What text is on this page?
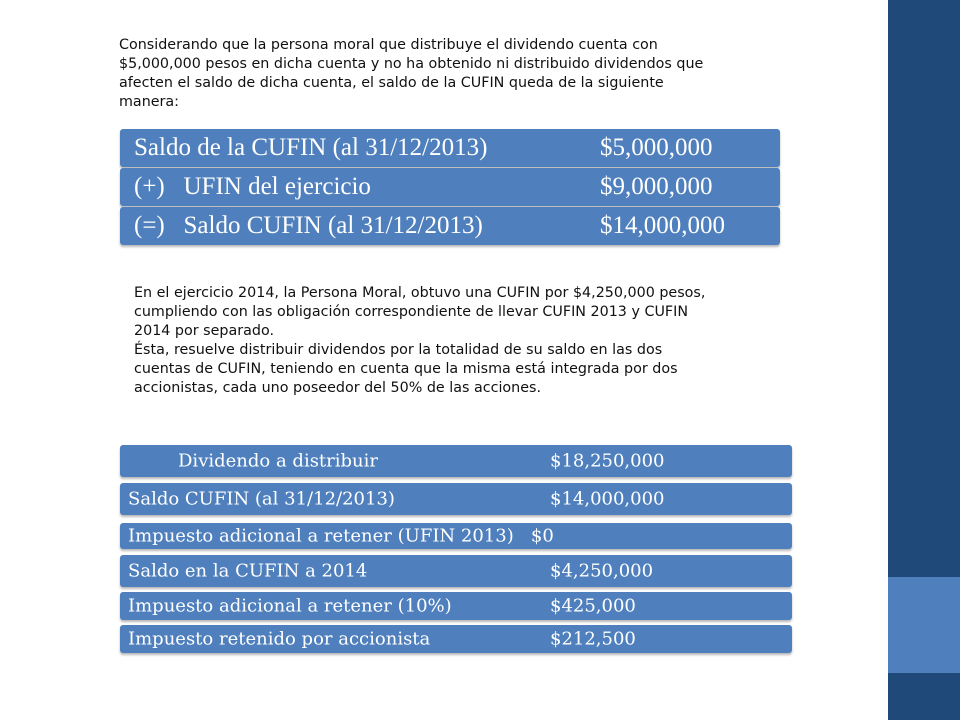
Considerando que la persona moral que distribuye el dividendo cuenta con
$5,000,000 pesos en dicha cuenta y no ha obtenido ni distribuido dividendos que
afecten el saldo de dicha cuenta, el saldo de la CUFIN queda de la siguiente
manera:

Saldo de la CUFIN (al 31/12/2013)	$5,000,000
(+)   UFIN del ejercicio	$9,000,000
(=)   Saldo CUFIN (al 31/12/2013)	$14,000,000

En el ejercicio 2014, la Persona Moral, obtuvo una CUFIN por $4,250,000 pesos,
cumpliendo con las obligación correspondiente de llevar CUFIN 2013 y CUFIN
2014 por separado.
Ésta, resuelve distribuir dividendos por la totalidad de su saldo en las dos
cuentas de CUFIN, teniendo en cuenta que la misma está integrada por dos
accionistas, cada uno poseedor del 50% de las acciones.

Dividendo a distribuir	$18,250,000
Saldo CUFIN (al 31/12/2013)	$14,000,000
Impuesto adicional a retener (UFIN 2013)   $0
Saldo en la CUFIN a 2014	$4,250,000
Impuesto adicional a retener (10%)	$425,000
Impuesto retenido por accionista	$212,500
